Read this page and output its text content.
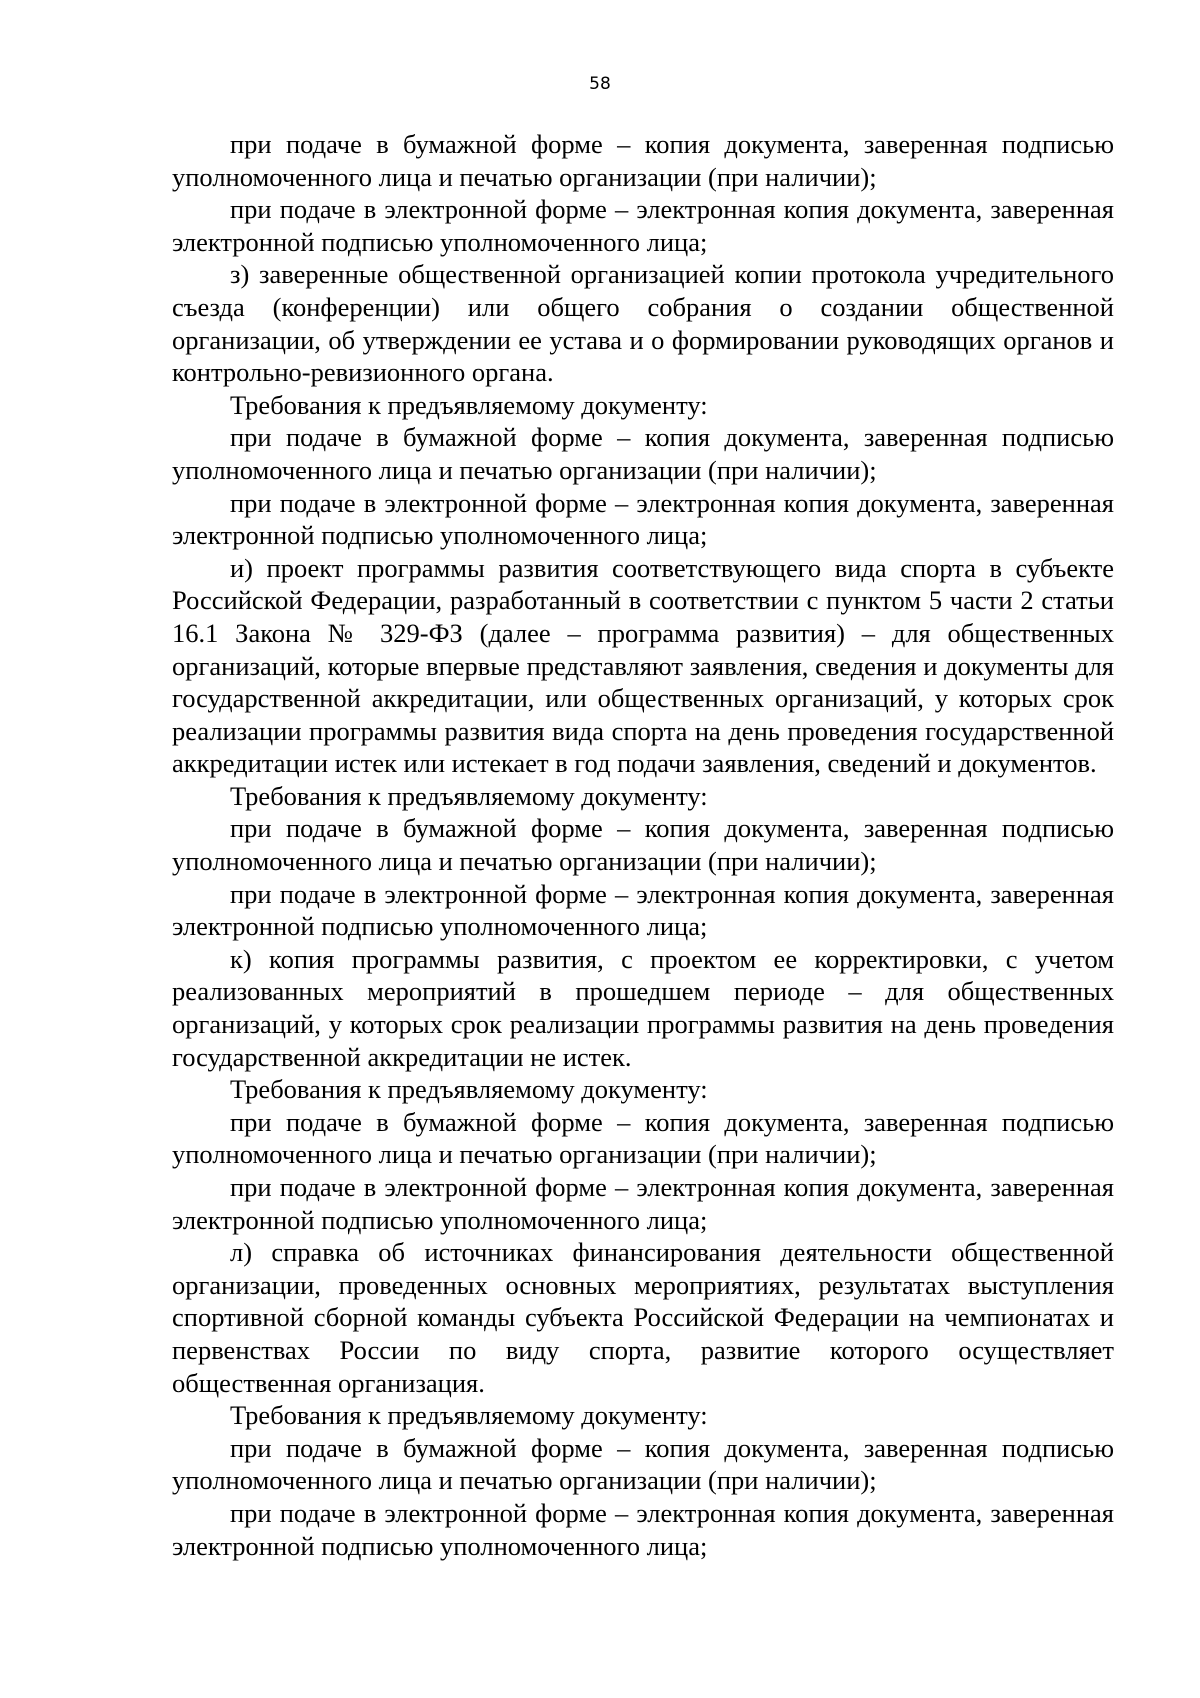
58

при подаче в бумажной форме – копия документа, заверенная подписью уполномоченного лица и печатью организации (при наличии);

при подаче в электронной форме – электронная копия документа, заверенная электронной подписью уполномоченного лица;

з) заверенные общественной организацией копии протокола учредительного съезда (конференции) или общего собрания о создании общественной организации, об утверждении ее устава и о формировании руководящих органов и контрольно-ревизионного органа.

Требования к предъявляемому документу:

при подаче в бумажной форме – копия документа, заверенная подписью уполномоченного лица и печатью организации (при наличии);

при подаче в электронной форме – электронная копия документа, заверенная электронной подписью уполномоченного лица;

и) проект программы развития соответствующего вида спорта в субъекте Российской Федерации, разработанный в соответствии с пунктом 5 части 2 статьи 16.1 Закона № 329-ФЗ (далее – программа развития) – для общественных организаций, которые впервые представляют заявления, сведения и документы для государственной аккредитации, или общественных организаций, у которых срок реализации программы развития вида спорта на день проведения государственной аккредитации истек или истекает в год подачи заявления, сведений и документов.

Требования к предъявляемому документу:

при подаче в бумажной форме – копия документа, заверенная подписью уполномоченного лица и печатью организации (при наличии);

при подаче в электронной форме – электронная копия документа, заверенная электронной подписью уполномоченного лица;

к) копия программы развития, с проектом ее корректировки, с учетом реализованных мероприятий в прошедшем периоде – для общественных организаций, у которых срок реализации программы развития на день проведения государственной аккредитации не истек.

Требования к предъявляемому документу:

при подаче в бумажной форме – копия документа, заверенная подписью уполномоченного лица и печатью организации (при наличии);

при подаче в электронной форме – электронная копия документа, заверенная электронной подписью уполномоченного лица;

л) справка об источниках финансирования деятельности общественной организации, проведенных основных мероприятиях, результатах выступления спортивной сборной команды субъекта Российской Федерации на чемпионатах и первенствах России по виду спорта, развитие которого осуществляет общественная организация.

Требования к предъявляемому документу:

при подаче в бумажной форме – копия документа, заверенная подписью уполномоченного лица и печатью организации (при наличии);

при подаче в электронной форме – электронная копия документа, заверенная электронной подписью уполномоченного лица;
